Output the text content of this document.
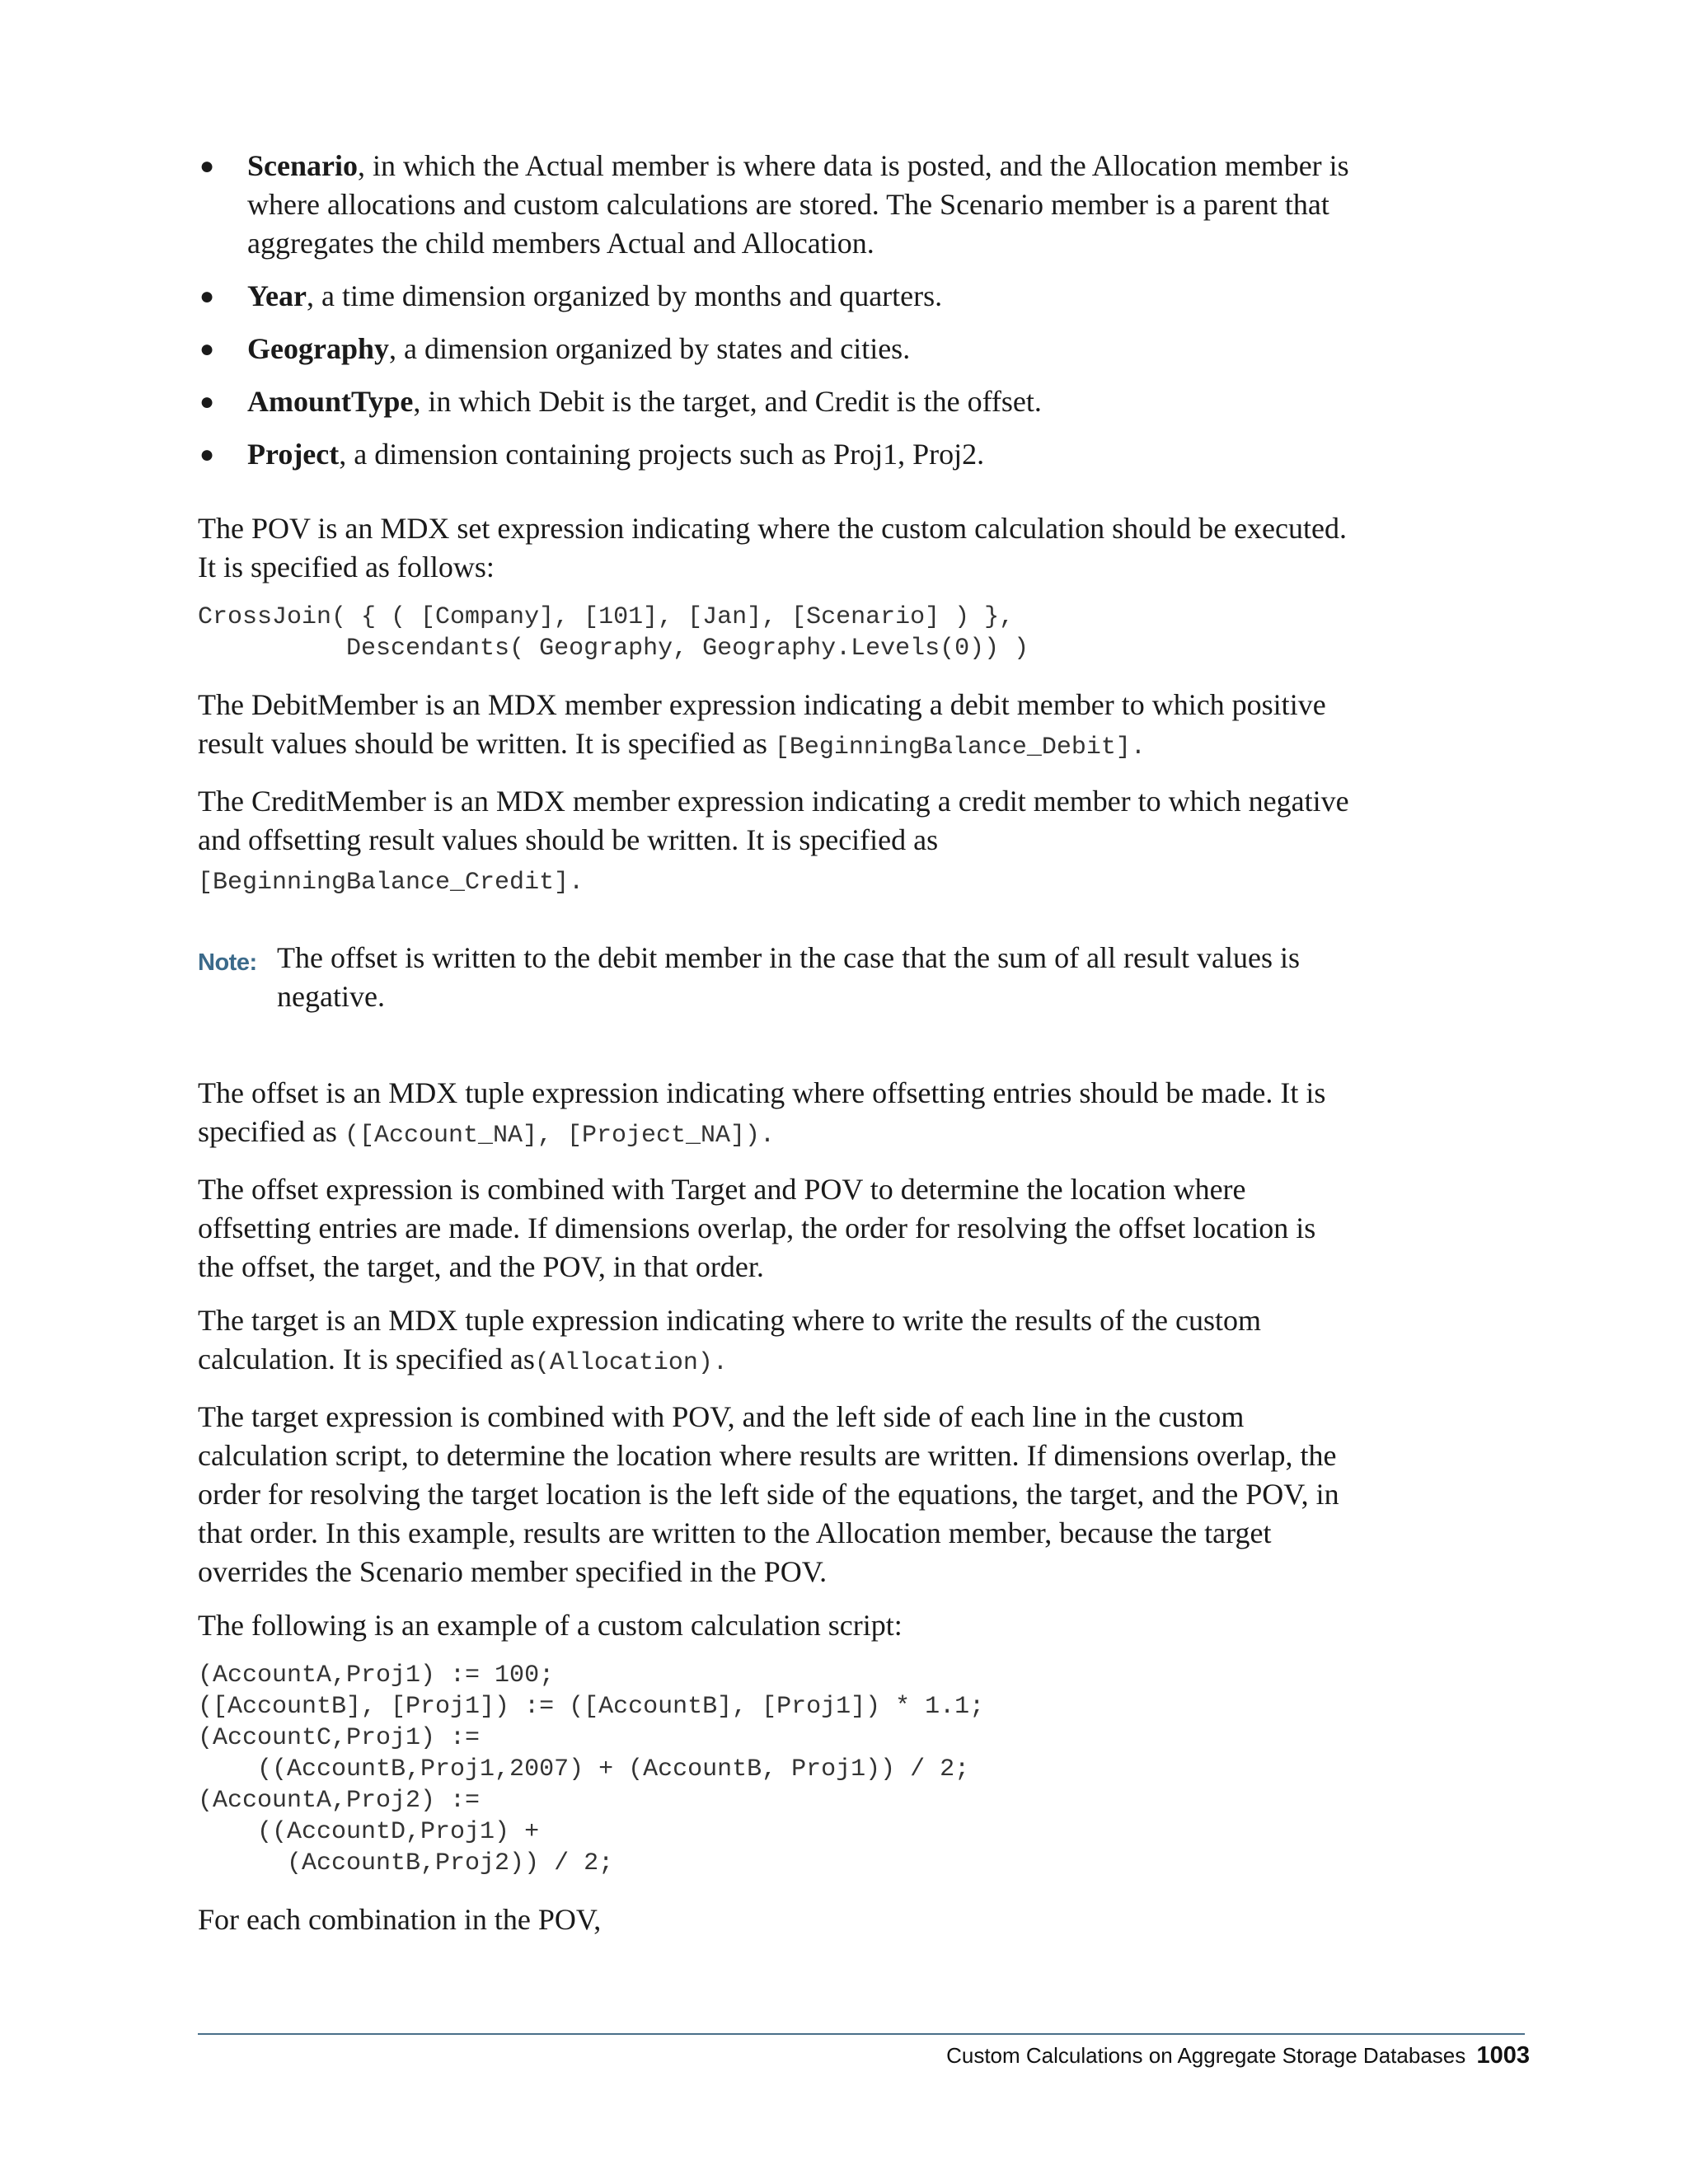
● Scenario, in which the Actual member is where data is posted, and the Allocation member is where allocations and custom calculations are stored. The Scenario member is a parent that aggregates the child members Actual and Allocation.
● Year, a time dimension organized by months and quarters.
● Geography, a dimension organized by states and cities.
● AmountType, in which Debit is the target, and Credit is the offset.
● Project, a dimension containing projects such as Proj1, Proj2.

The POV is an MDX set expression indicating where the custom calculation should be executed. It is specified as follows:

CrossJoin( { ( [Company], [101], [Jan], [Scenario] ) },
Descendants( Geography, Geography.Levels(0)) )

The DebitMember is an MDX member expression indicating a debit member to which positive result values should be written. It is specified as [BeginningBalance_Debit].

The CreditMember is an MDX member expression indicating a credit member to which negative and offsetting result values should be written. It is specified as
[BeginningBalance_Credit].

Note: The offset is written to the debit member in the case that the sum of all result values is negative.

The offset is an MDX tuple expression indicating where offsetting entries should be made. It is specified as ([Account_NA], [Project_NA]).

The offset expression is combined with Target and POV to determine the location where offsetting entries are made. If dimensions overlap, the order for resolving the offset location is the offset, the target, and the POV, in that order.

The target is an MDX tuple expression indicating where to write the results of the custom calculation. It is specified as(Allocation).

The target expression is combined with POV, and the left side of each line in the custom calculation script, to determine the location where results are written. If dimensions overlap, the order for resolving the target location is the left side of the equations, the target, and the POV, in that order. In this example, results are written to the Allocation member, because the target overrides the Scenario member specified in the POV.

The following is an example of a custom calculation script:

(AccountA,Proj1) := 100;
([AccountB], [Proj1]) := ([AccountB], [Proj1]) * 1.1;
(AccountC,Proj1) :=
((AccountB,Proj1,2007) + (AccountB, Proj1)) / 2;
(AccountA,Proj2) :=
((AccountD,Proj1) +
(AccountB,Proj2)) / 2;

For each combination in the POV,

Custom Calculations on Aggregate Storage Databases 1003
